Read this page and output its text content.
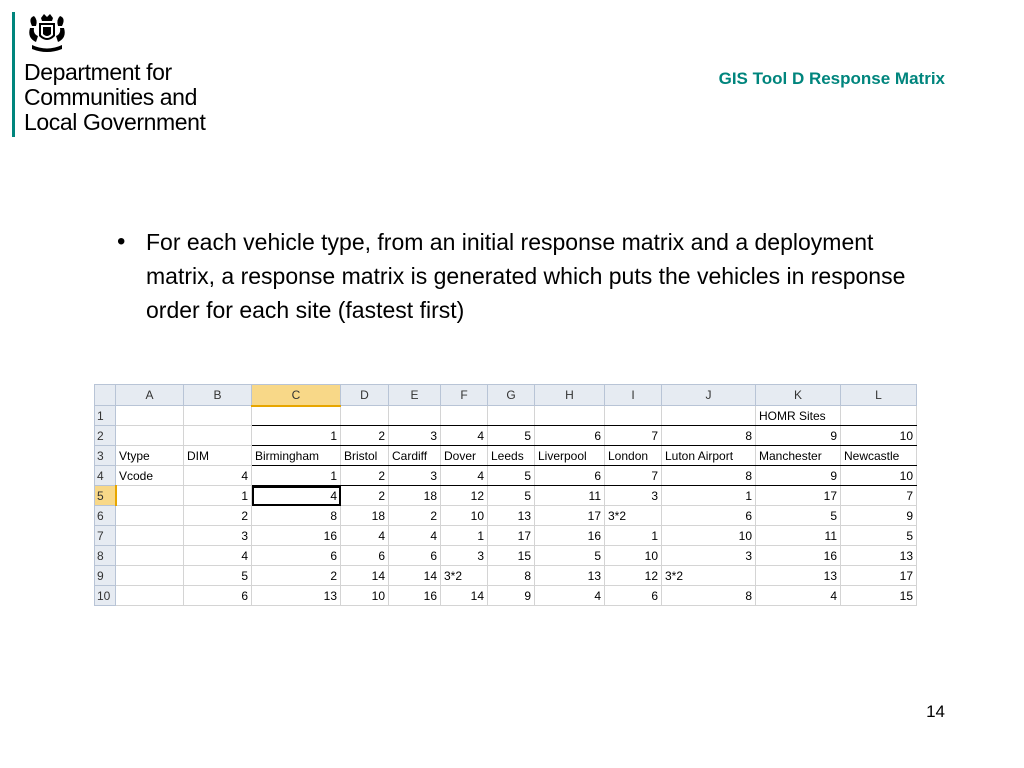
Department for
Communities and
Local Government
GIS Tool D Response Matrix
• For each vehicle type, from an initial response matrix and a deployment matrix, a response matrix is generated which puts the vehicles in response order for each site (fastest first)
	A	B	C	D	E	F	G	H	I	J	K	L
1											HOMR Sites	
2			1	2	3	4	5	6	7	8	9	10
3	Vtype	DIM	Birmingham	Bristol	Cardiff	Dover	Leeds	Liverpool	London	Luton Airport	Manchester	Newcastle
4	Vcode	4	1	2	3	4	5	6	7	8	9	10
5		1	4	2	18	12	5	11	3	1	17	7
6		2	8	18	2	10	13	17	3*2	6	5	9
7		3	16	4	4	1	17	16	1	10	11	5
8		4	6	6	6	3	15	5	10	3	16	13
9		5	2	14	14	3*2	8	13	12	3*2	13	17
10		6	13	10	16	14	9	4	6	8	4	15
14
